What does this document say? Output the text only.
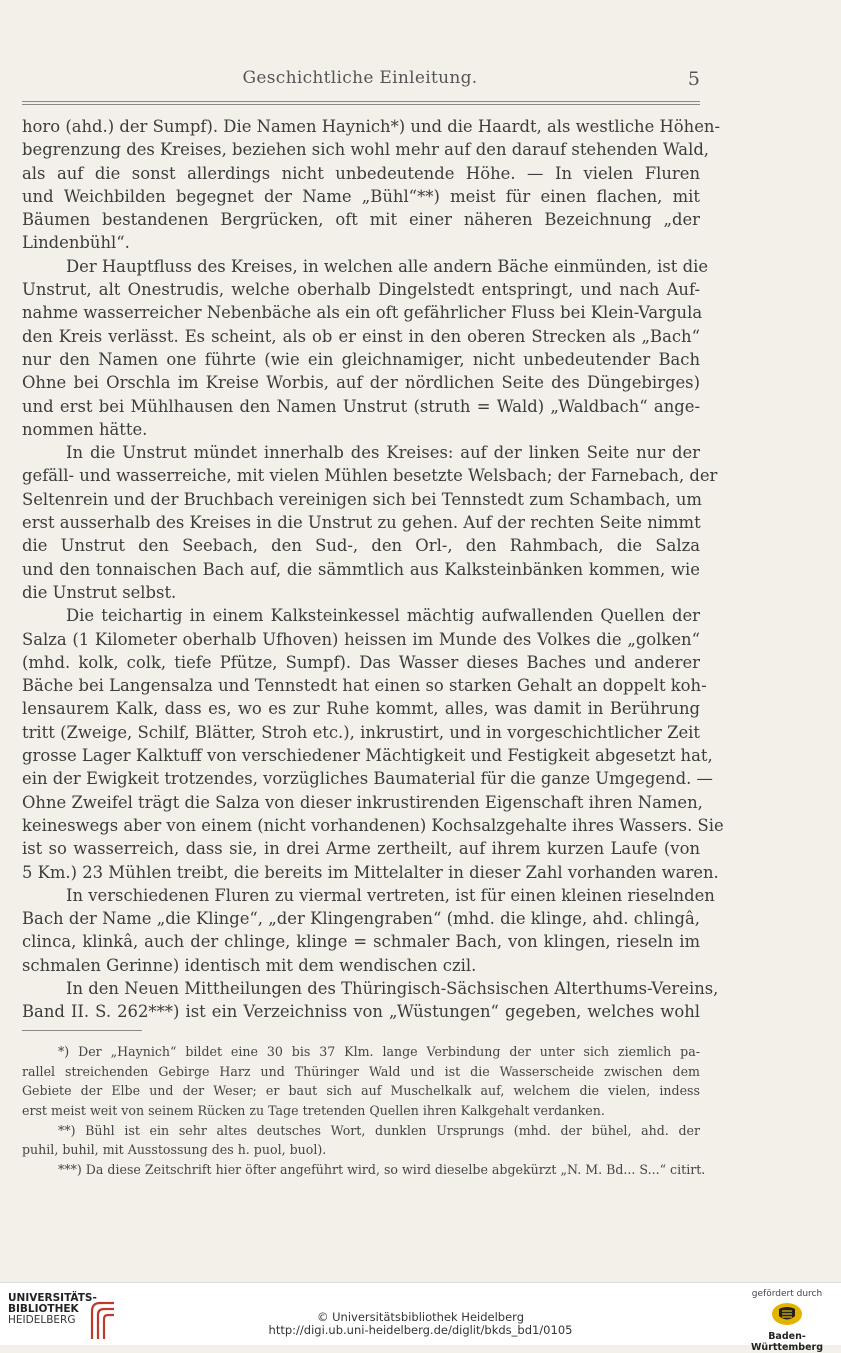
Geschichtliche Einleitung.	5
horo (ahd.) der Sumpf). Die Namen Haynich*) und die Haardt, als westliche Höhen-
begrenzung des Kreises, beziehen sich wohl mehr auf den darauf stehenden Wald,
als auf die sonst allerdings nicht unbedeutende Höhe. — In vielen Fluren
und Weichbilden begegnet der Name „Bühl“**) meist für einen flachen, mit
Bäumen bestandenen Bergrücken, oft mit einer näheren Bezeichnung „der
Lindenbühl“.
Der Hauptfluss des Kreises, in welchen alle andern Bäche einmünden, ist die
Unstrut, alt Onestrudis, welche oberhalb Dingelstedt entspringt, und nach Auf-
nahme wasserreicher Nebenbäche als ein oft gefährlicher Fluss bei Klein-Vargula
den Kreis verlässt. Es scheint, als ob er einst in den oberen Strecken als „Bach“
nur den Namen one führte (wie ein gleichnamiger, nicht unbedeutender Bach
Ohne bei Orschla im Kreise Worbis, auf der nördlichen Seite des Düngebirges)
und erst bei Mühlhausen den Namen Unstrut (struth = Wald) „Waldbach“ ange-
nommen hätte.
In die Unstrut mündet innerhalb des Kreises: auf der linken Seite nur der
gefäll- und wasserreiche, mit vielen Mühlen besetzte Welsbach; der Farnebach, der
Seltenrein und der Bruchbach vereinigen sich bei Tennstedt zum Schambach, um
erst ausserhalb des Kreises in die Unstrut zu gehen. Auf der rechten Seite nimmt
die Unstrut den Seebach, den Sud-, den Orl-, den Rahmbach, die Salza
und den tonnaischen Bach auf, die sämmtlich aus Kalksteinbänken kommen, wie
die Unstrut selbst.
Die teichartig in einem Kalksteinkessel mächtig aufwallenden Quellen der
Salza (1 Kilometer oberhalb Ufhoven) heissen im Munde des Volkes die „golken“
(mhd. kolk, colk, tiefe Pfütze, Sumpf). Das Wasser dieses Baches und anderer
Bäche bei Langensalza und Tennstedt hat einen so starken Gehalt an doppelt koh-
lensaurem Kalk, dass es, wo es zur Ruhe kommt, alles, was damit in Berührung
tritt (Zweige, Schilf, Blätter, Stroh etc.), inkrustirt, und in vorgeschichtlicher Zeit
grosse Lager Kalktuff von verschiedener Mächtigkeit und Festigkeit abgesetzt hat,
ein der Ewigkeit trotzendes, vorzügliches Baumaterial für die ganze Umgegend. —
Ohne Zweifel trägt die Salza von dieser inkrustirenden Eigenschaft ihren Namen,
keineswegs aber von einem (nicht vorhandenen) Kochsalzgehalte ihres Wassers. Sie
ist so wasserreich, dass sie, in drei Arme zertheilt, auf ihrem kurzen Laufe (von
5 Km.) 23 Mühlen treibt, die bereits im Mittelalter in dieser Zahl vorhanden waren.
In verschiedenen Fluren zu viermal vertreten, ist für einen kleinen rieselnden
Bach der Name „die Klinge“, „der Klingengraben“ (mhd. die klinge, ahd. chlingâ,
clinca, klinkâ, auch der chlinge, klinge = schmaler Bach, von klingen, rieseln im
schmalen Gerinne) identisch mit dem wendischen czil.
In den Neuen Mittheilungen des Thüringisch-Sächsischen Alterthums-Vereins,
Band II. S. 262***) ist ein Verzeichniss von „Wüstungen“ gegeben, welches wohl
*) Der „Haynich“ bildet eine 30 bis 37 Klm. lange Verbindung der unter sich ziemlich pa-
rallel streichenden Gebirge Harz und Thüringer Wald und ist die Wasserscheide zwischen dem
Gebiete der Elbe und der Weser; er baut sich auf Muschelkalk auf, welchem die vielen, indess
erst meist weit von seinem Rücken zu Tage tretenden Quellen ihren Kalkgehalt verdanken.
**) Bühl ist ein sehr altes deutsches Wort, dunklen Ursprungs (mhd. der bühel, ahd. der
puhil, buhil, mit Ausstossung des h. puol, buol).
***) Da diese Zeitschrift hier öfter angeführt wird, so wird dieselbe abgekürzt „N. M. Bd... S...“ citirt.
UNIVERSITÄTS-
BIBLIOTHEK
HEIDELBERG	© Universitätsbibliothek Heidelberg
http://digi.ub.uni-heidelberg.de/diglit/bkds_bd1/0105
gefördert durch
Baden-Württemberg
